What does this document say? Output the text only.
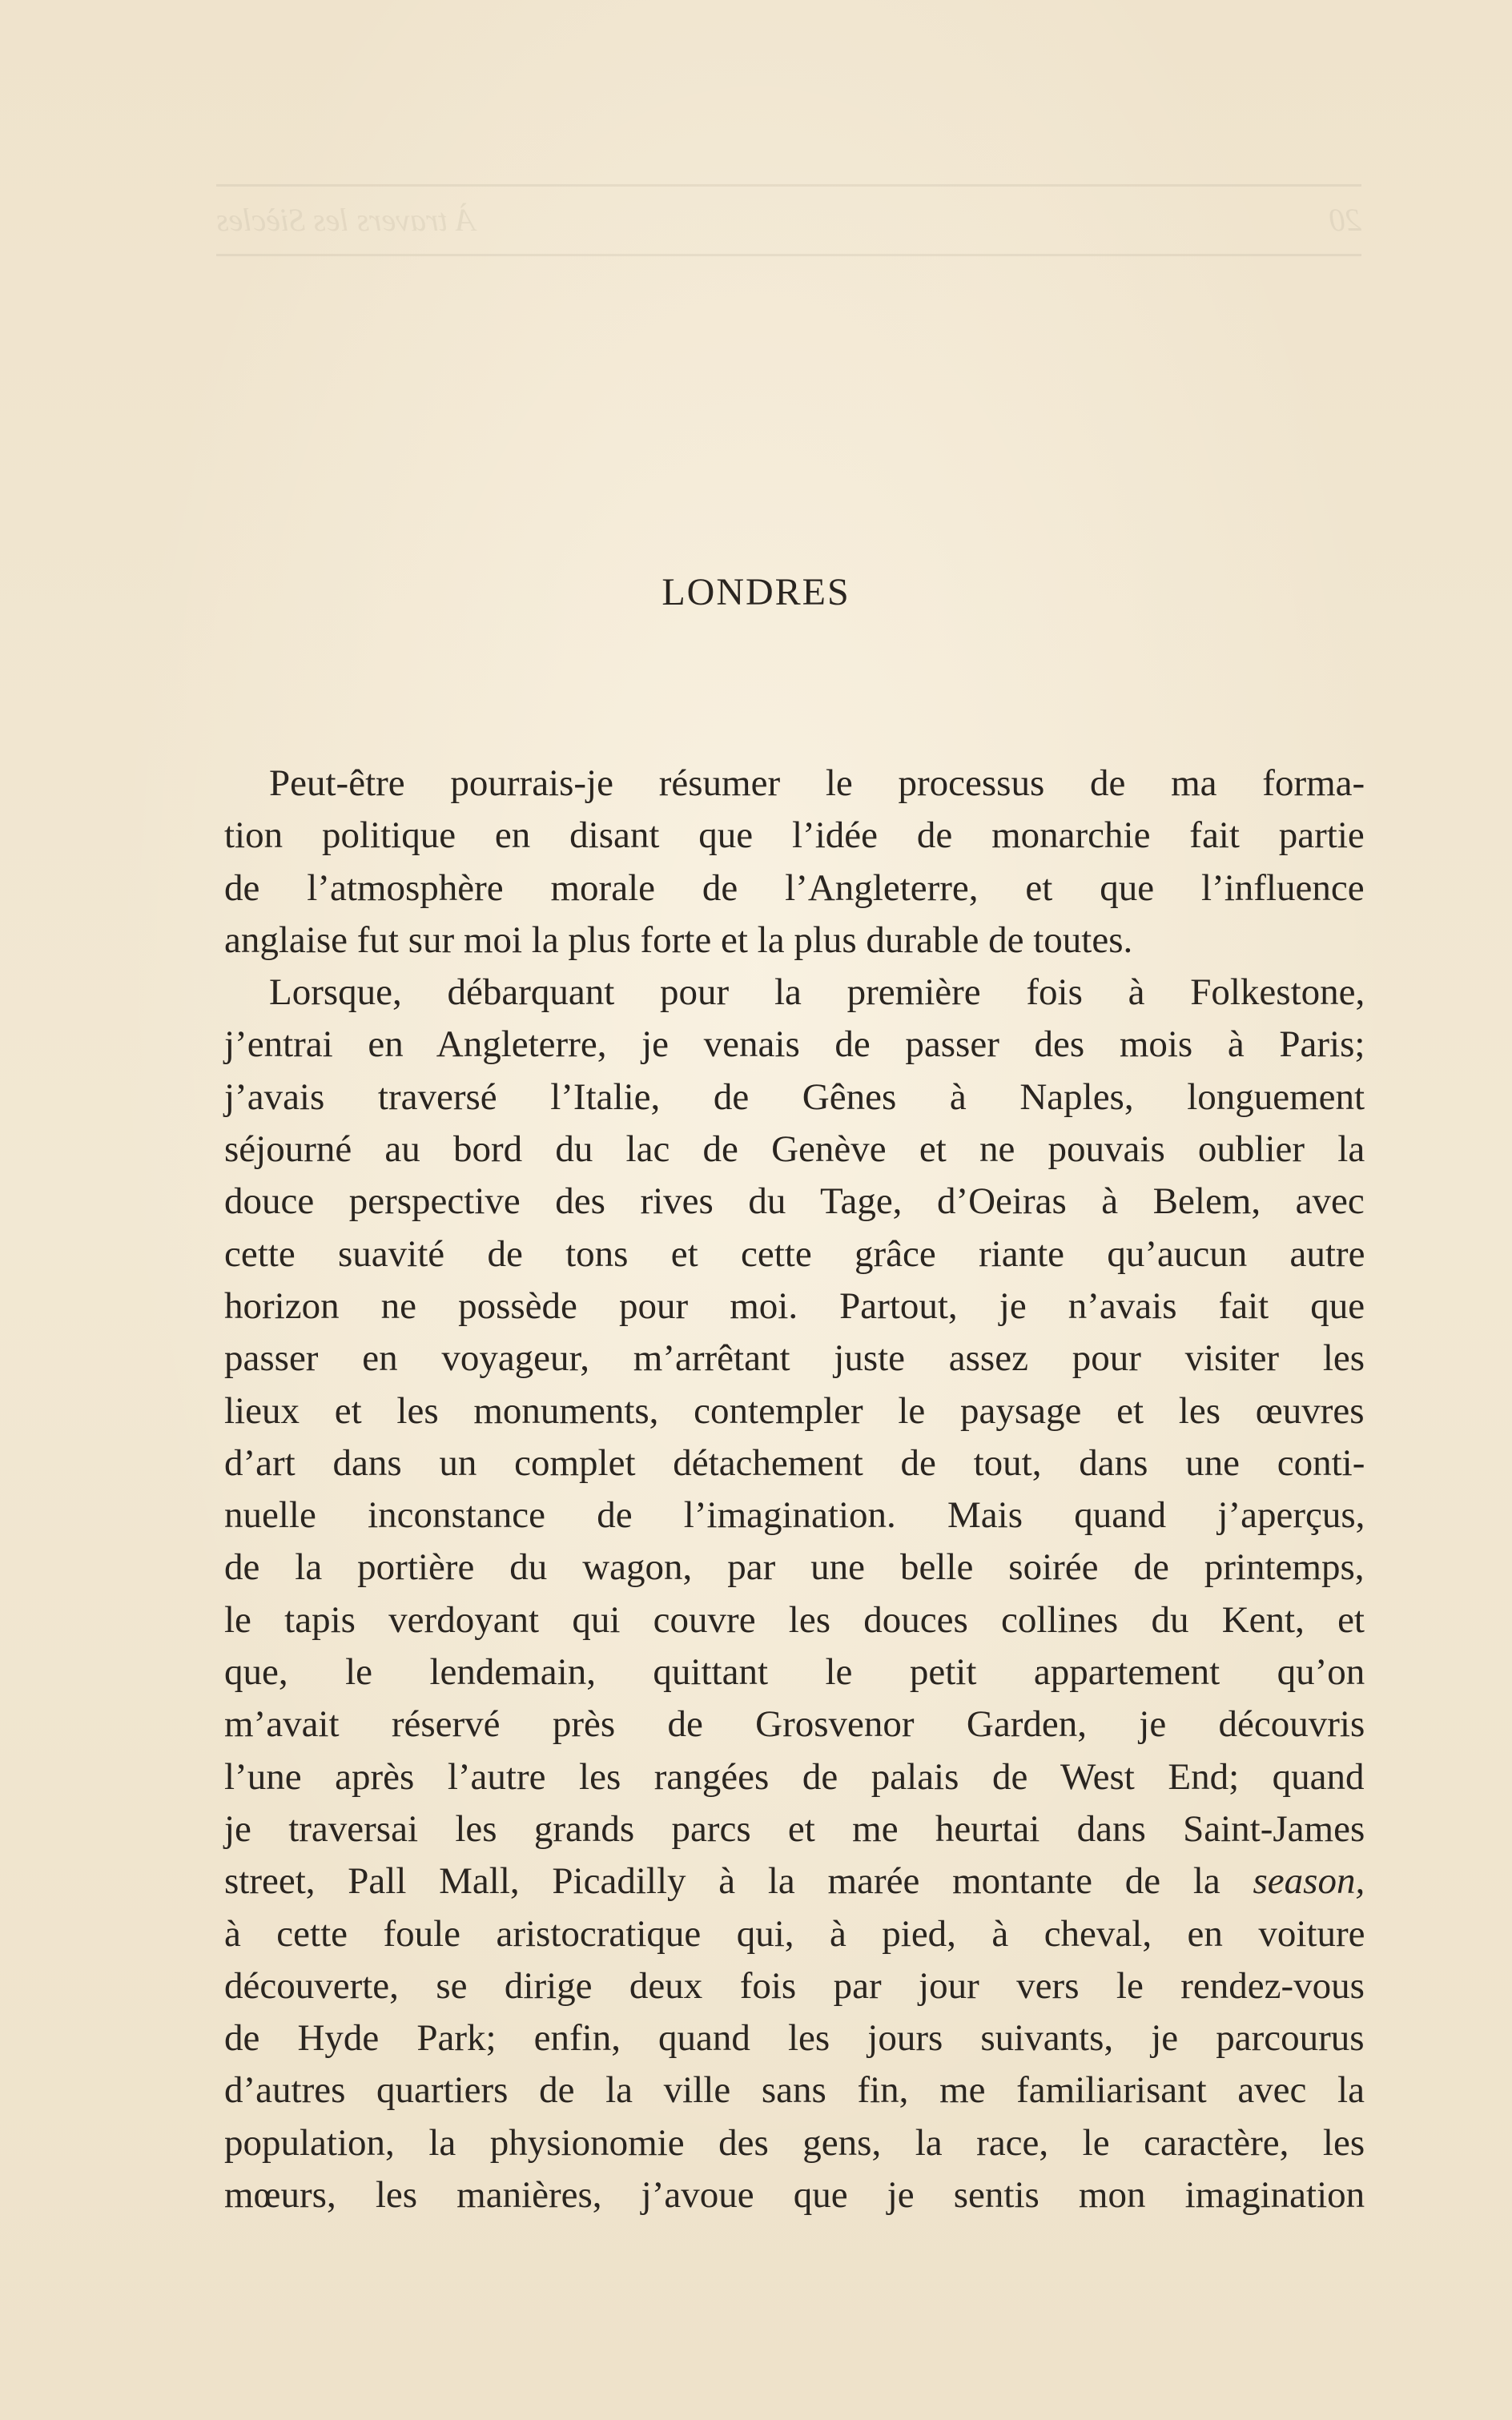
20
À travers les Siècles
LONDRES
Peut-être pourrais-je résumer le processus de ma forma-
tion politique en disant que l’idée de monarchie fait partie
de l’atmosphère morale de l’Angleterre, et que l’influence
anglaise fut sur moi la plus forte et la plus durable de toutes.
Lorsque, débarquant pour la première fois à Folkestone,
j’entrai en Angleterre, je venais de passer des mois à Paris;
j’avais traversé l’Italie, de Gênes à Naples, longuement
séjourné au bord du lac de Genève et ne pouvais oublier la
douce perspective des rives du Tage, d’Oeiras à Belem, avec
cette suavité de tons et cette grâce riante qu’aucun autre
horizon ne possède pour moi. Partout, je n’avais fait que
passer en voyageur, m’arrêtant juste assez pour visiter les
lieux et les monuments, contempler le paysage et les œuvres
d’art dans un complet détachement de tout, dans une conti-
nuelle inconstance de l’imagination. Mais quand j’aperçus,
de la portière du wagon, par une belle soirée de printemps,
le tapis verdoyant qui couvre les douces collines du Kent, et
que, le lendemain, quittant le petit appartement qu’on
m’avait réservé près de Grosvenor Garden, je découvris
l’une après l’autre les rangées de palais de West End; quand
je traversai les grands parcs et me heurtai dans Saint-James
street, Pall Mall, Picadilly à la marée montante de la season,
à cette foule aristocratique qui, à pied, à cheval, en voiture
découverte, se dirige deux fois par jour vers le rendez-vous
de Hyde Park; enfin, quand les jours suivants, je parcourus
d’autres quartiers de la ville sans fin, me familiarisant avec la
population, la physionomie des gens, la race, le caractère, les
mœurs, les manières, j’avoue que je sentis mon imagination
